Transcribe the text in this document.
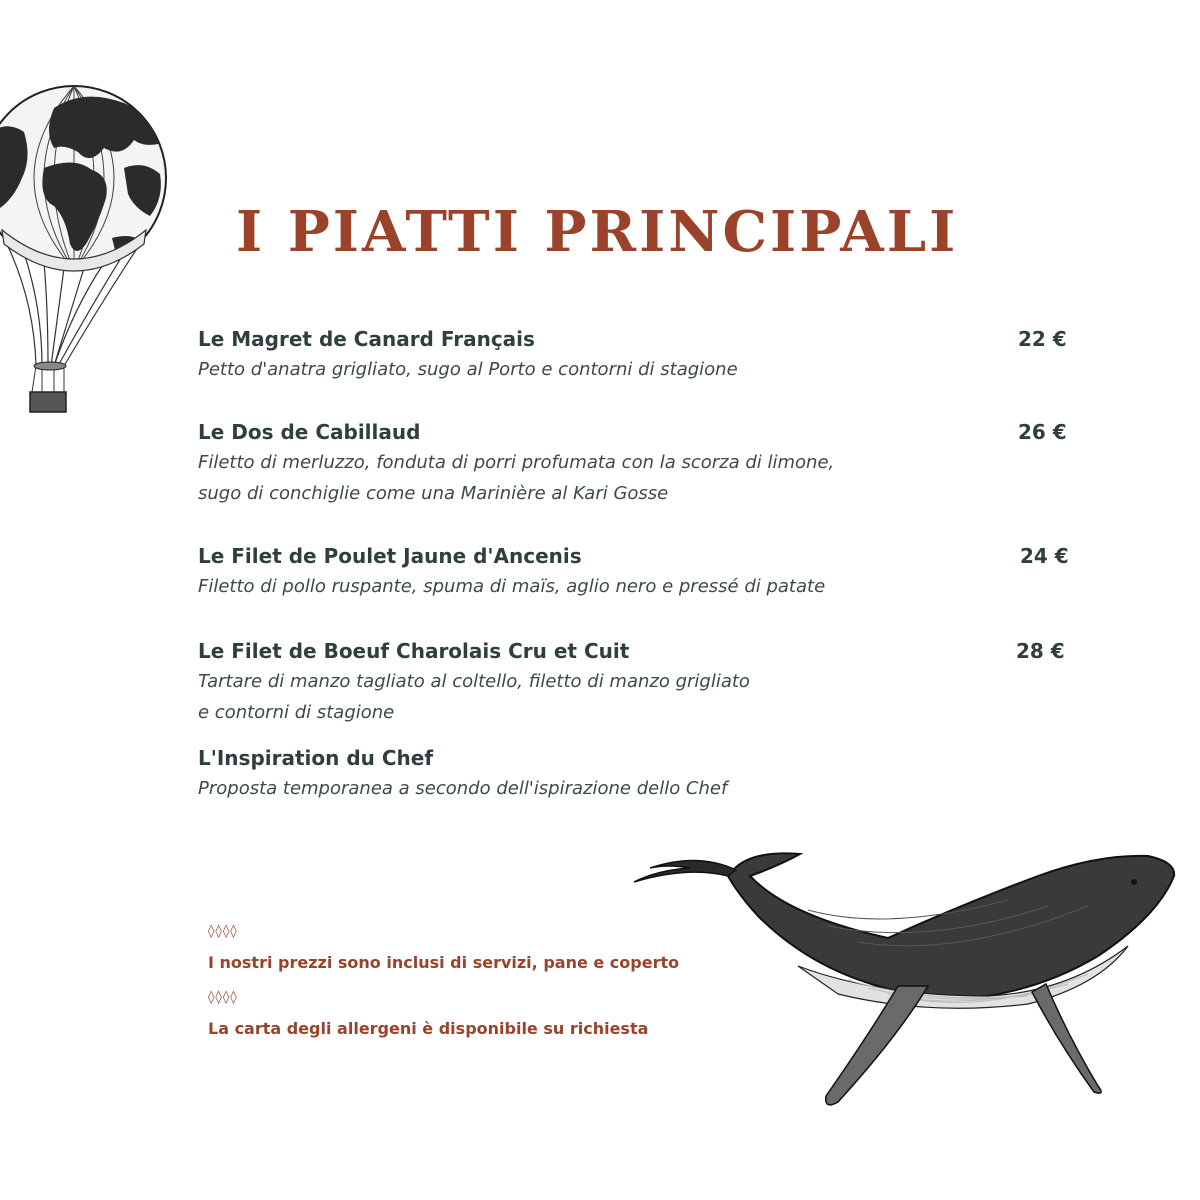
I PIATTI PRINCIPALI
Le Magret de Canard Français	22 €
Petto d'anatra grigliato, sugo al Porto e contorni di stagione
Le Dos de Cabillaud	26 €
Filetto di merluzzo, fonduta di porri profumata con la scorza di limone,
sugo di conchiglie come una Marinière al Kari Gosse
Le Filet de Poulet Jaune d'Ancenis	24 €
Filetto di pollo ruspante, spuma di maïs, aglio nero e pressé di patate
Le Filet de Boeuf Charolais Cru et Cuit	28 €
Tartare di manzo tagliato al coltello, filetto di manzo grigliato
e contorni di stagione
L'Inspiration du Chef
Proposta temporanea a secondo dell'ispirazione dello Chef
◊◊◊◊
I nostri prezzi sono inclusi di servizi, pane e coperto
◊◊◊◊
La carta degli allergeni è disponibile su richiesta
